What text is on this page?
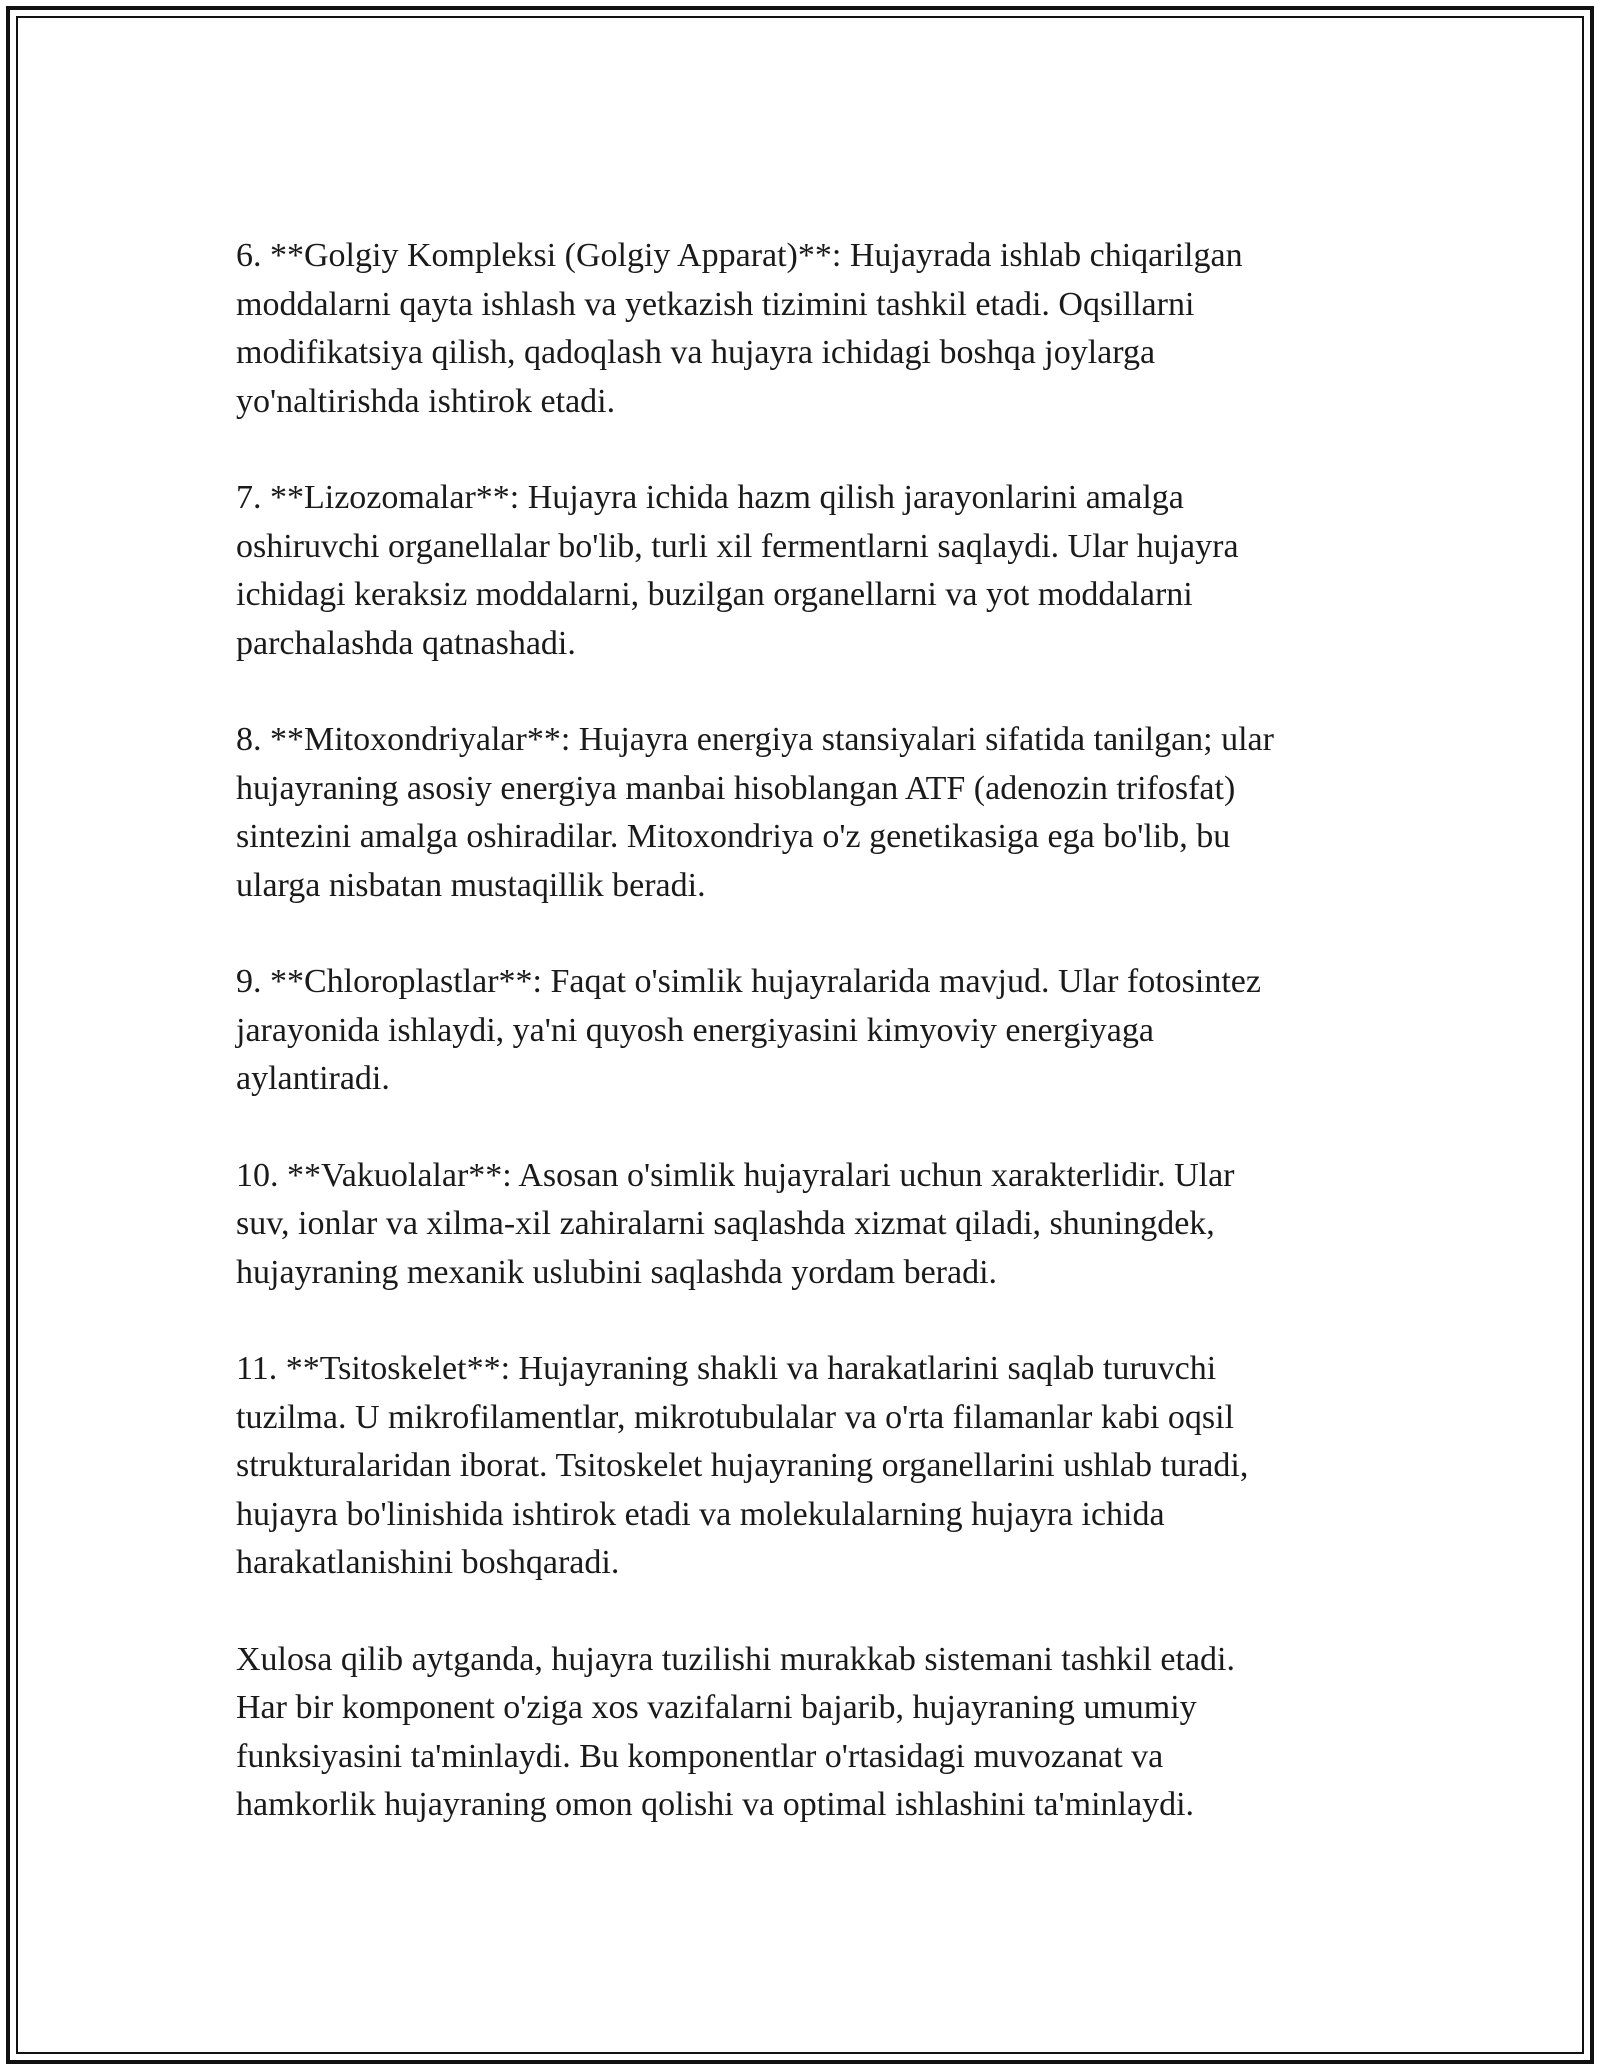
6. **Golgiy Kompleksi (Golgiy Apparat)**: Hujayrada ishlab chiqarilgan
moddalarni qayta ishlash va yetkazish tizimini tashkil etadi. Oqsillarni
modifikatsiya qilish, qadoqlash va hujayra ichidagi boshqa joylarga
yo'naltirishda ishtirok etadi.

7. **Lizozomalar**: Hujayra ichida hazm qilish jarayonlarini amalga
oshiruvchi organellalar bo'lib, turli xil fermentlarni saqlaydi. Ular hujayra
ichidagi keraksiz moddalarni, buzilgan organellarni va yot moddalarni
parchalashda qatnashadi.

8. **Mitoxondriyalar**: Hujayra energiya stansiyalari sifatida tanilgan; ular
hujayraning asosiy energiya manbai hisoblangan ATF (adenozin trifosfat)
sintezini amalga oshiradilar. Mitoxondriya o'z genetikasiga ega bo'lib, bu
ularga nisbatan mustaqillik beradi.

9. **Chloroplastlar**: Faqat o'simlik hujayralarida mavjud. Ular fotosintez
jarayonida ishlaydi, ya'ni quyosh energiyasini kimyoviy energiyaga
aylantiradi.

10. **Vakuolalar**: Asosan o'simlik hujayralari uchun xarakterlidir. Ular
suv, ionlar va xilma-xil zahiralarni saqlashda xizmat qiladi, shuningdek,
hujayraning mexanik uslubini saqlashda yordam beradi.

11. **Tsitoskelet**: Hujayraning shakli va harakatlarini saqlab turuvchi
tuzilma. U mikrofilamentlar, mikrotubulalar va o'rta filamanlar kabi oqsil
strukturalaridan iborat. Tsitoskelet hujayraning organellarini ushlab turadi,
hujayra bo'linishida ishtirok etadi va molekulalarning hujayra ichida
harakatlanishini boshqaradi.

Xulosa qilib aytganda, hujayra tuzilishi murakkab sistemani tashkil etadi.
Har bir komponent o'ziga xos vazifalarni bajarib, hujayraning umumiy
funksiyasini ta'minlaydi. Bu komponentlar o'rtasidagi muvozanat va
hamkorlik hujayraning omon qolishi va optimal ishlashini ta'minlaydi.
